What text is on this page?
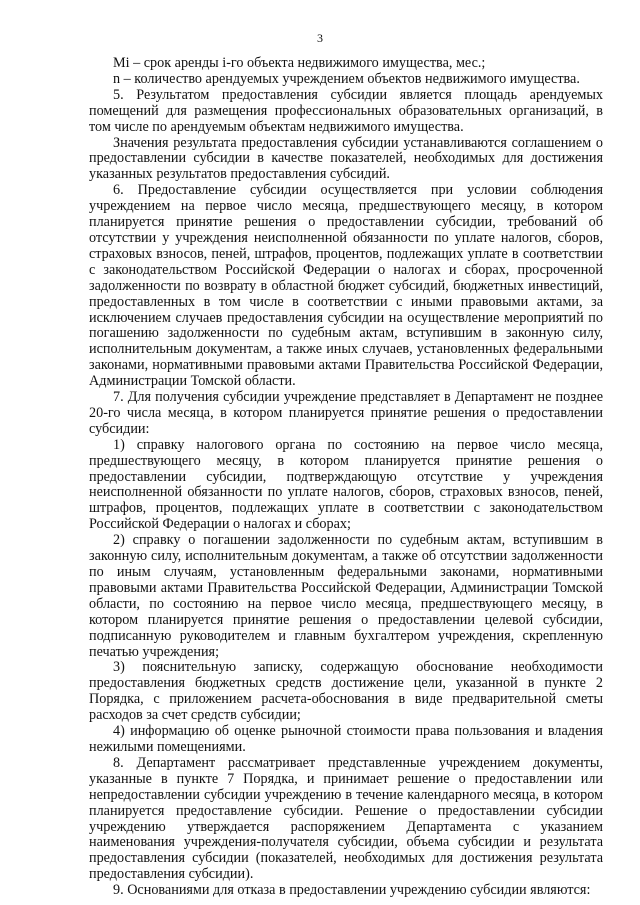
3

Mi – срок аренды i-го объекта недвижимого имущества, мес.;

n – количество арендуемых учреждением объектов недвижимого имущества.

5. Результатом предоставления субсидии является площадь арендуемых помещений для размещения профессиональных образовательных организаций, в том числе по арендуемым объектам недвижимого имущества.

Значения результата предоставления субсидии устанавливаются соглашением о предоставлении субсидии в качестве показателей, необходимых для достижения указанных результатов предоставления субсидий.

6. Предоставление субсидии осуществляется при условии соблюдения учреждением на первое число месяца, предшествующего месяцу, в котором планируется принятие решения о предоставлении субсидии, требований об отсутствии у учреждения неисполненной обязанности по уплате налогов, сборов, страховых взносов, пеней, штрафов, процентов, подлежащих уплате в соответствии с законодательством Российской Федерации о налогах и сборах, просроченной задолженности по возврату в областной бюджет субсидий, бюджетных инвестиций, предоставленных в том числе в соответствии с иными правовыми актами, за исключением случаев предоставления субсидии на осуществление мероприятий по погашению задолженности по судебным актам, вступившим в законную силу, исполнительным документам, а также иных случаев, установленных федеральными законами, нормативными правовыми актами Правительства Российской Федерации, Администрации Томской области.

7. Для получения субсидии учреждение представляет в Департамент не позднее 20-го числа месяца, в котором планируется принятие решения о предоставлении субсидии:

1) справку налогового органа по состоянию на первое число месяца, предшествующего месяцу, в котором планируется принятие решения о предоставлении субсидии, подтверждающую отсутствие у учреждения неисполненной обязанности по уплате налогов, сборов, страховых взносов, пеней, штрафов, процентов, подлежащих уплате в соответствии с законодательством Российской Федерации о налогах и сборах;

2) справку о погашении задолженности по судебным актам, вступившим в законную силу, исполнительным документам, а также об отсутствии задолженности по иным случаям, установленным федеральными законами, нормативными правовыми актами Правительства Российской Федерации, Администрации Томской области, по состоянию на первое число месяца, предшествующего месяцу, в котором планируется принятие решения о предоставлении целевой субсидии, подписанную руководителем и главным бухгалтером учреждения, скрепленную печатью учреждения;

3) пояснительную записку, содержащую обоснование необходимости предоставления бюджетных средств достижение цели, указанной в пункте 2 Порядка, с приложением расчета-обоснования в виде предварительной сметы расходов за счет средств субсидии;

4) информацию об оценке рыночной стоимости права пользования и владения нежилыми помещениями.

8. Департамент рассматривает представленные учреждением документы, указанные в пункте 7 Порядка, и принимает решение о предоставлении или непредоставлении субсидии учреждению в течение календарного месяца, в котором планируется предоставление субсидии. Решение о предоставлении субсидии учреждению утверждается распоряжением Департамента с указанием наименования учреждения-получателя субсидии, объема субсидии и результата предоставления субсидии (показателей, необходимых для достижения результата предоставления субсидии).

9. Основаниями для отказа в предоставлении учреждению субсидии являются:
